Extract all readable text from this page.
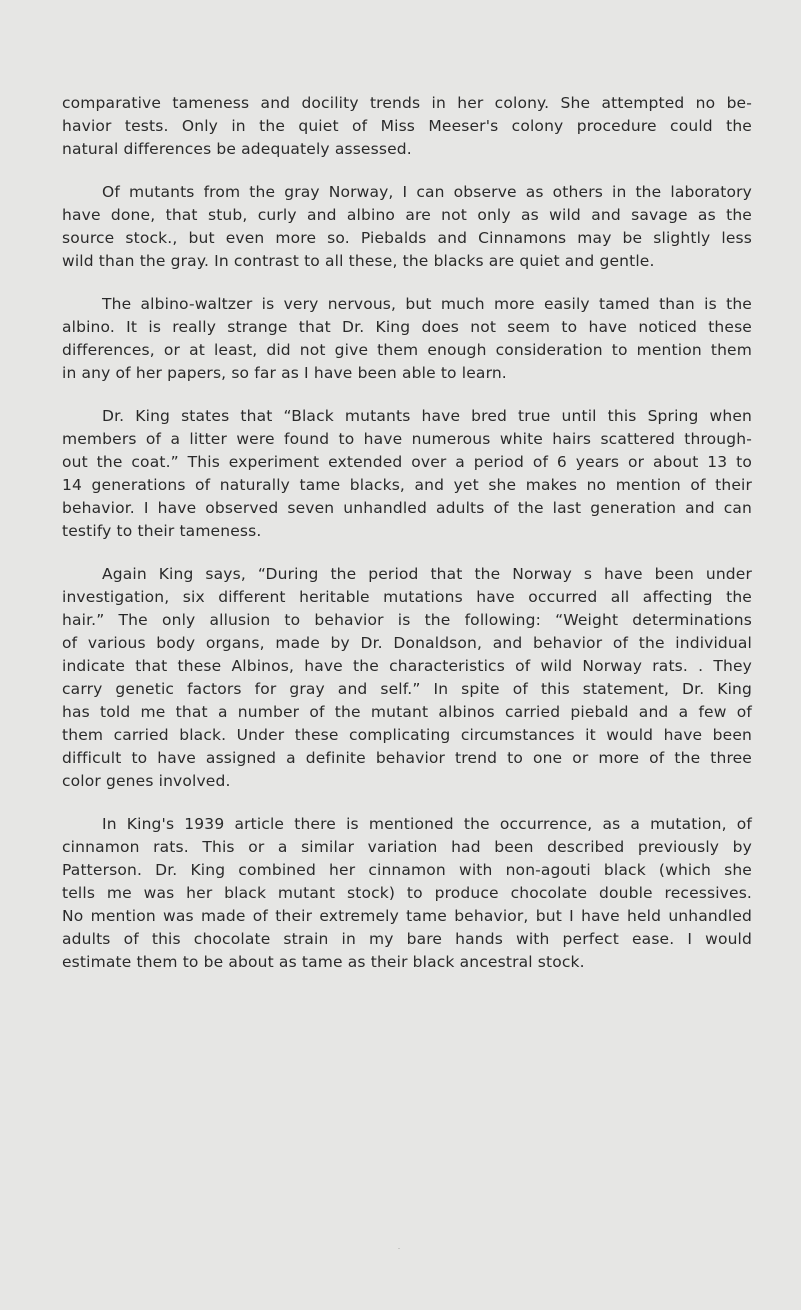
comparative tameness and docility trends in her colony. She attempted no be-
havior tests. Only in the quiet of Miss Meeser's colony procedure could the
natural differences be adequately assessed.

Of mutants from the gray Norway, I can observe as others in the laboratory
have done, that stub, curly and albino are not only as wild and savage as the
source stock., but even more so. Piebalds and Cinnamons may be slightly less
wild than the gray. In contrast to all these, the blacks are quiet and gentle.

The albino-waltzer is very nervous, but much more easily tamed than is the
albino. It is really strange that Dr. King does not seem to have noticed these
differences, or at least, did not give them enough consideration to mention them
in any of her papers, so far as I have been able to learn.

Dr. King states that “Black mutants have bred true until this Spring when
members of a litter were found to have numerous white hairs scattered through-
out the coat.” This experiment extended over a period of 6 years or about 13 to
14 generations of naturally tame blacks, and yet she makes no mention of their
behavior. I have observed seven unhandled adults of the last generation and can
testify to their tameness.

Again King says, “During the period that the Norway s have been under
investigation, six different heritable mutations have occurred all affecting the
hair.” The only allusion to behavior is the following: “Weight determinations
of various body organs, made by Dr. Donaldson, and behavior of the individual
indicate that these Albinos, have the characteristics of wild Norway rats. . They
carry genetic factors for gray and self.” In spite of this statement, Dr. King
has told me that a number of the mutant albinos carried piebald and a few of
them carried black. Under these complicating circumstances it would have been
difficult to have assigned a definite behavior trend to one or more of the three
color genes involved.

In King's 1939 article there is mentioned the occurrence, as a mutation, of
cinnamon rats. This or a similar variation had been described previously by
Patterson. Dr. King combined her cinnamon with non-agouti black (which she
tells me was her black mutant stock) to produce chocolate double recessives.
No mention was made of their extremely tame behavior, but I have held unhandled
adults of this chocolate strain in my bare hands with perfect ease. I would
estimate them to be about as tame as their black ancestral stock.
